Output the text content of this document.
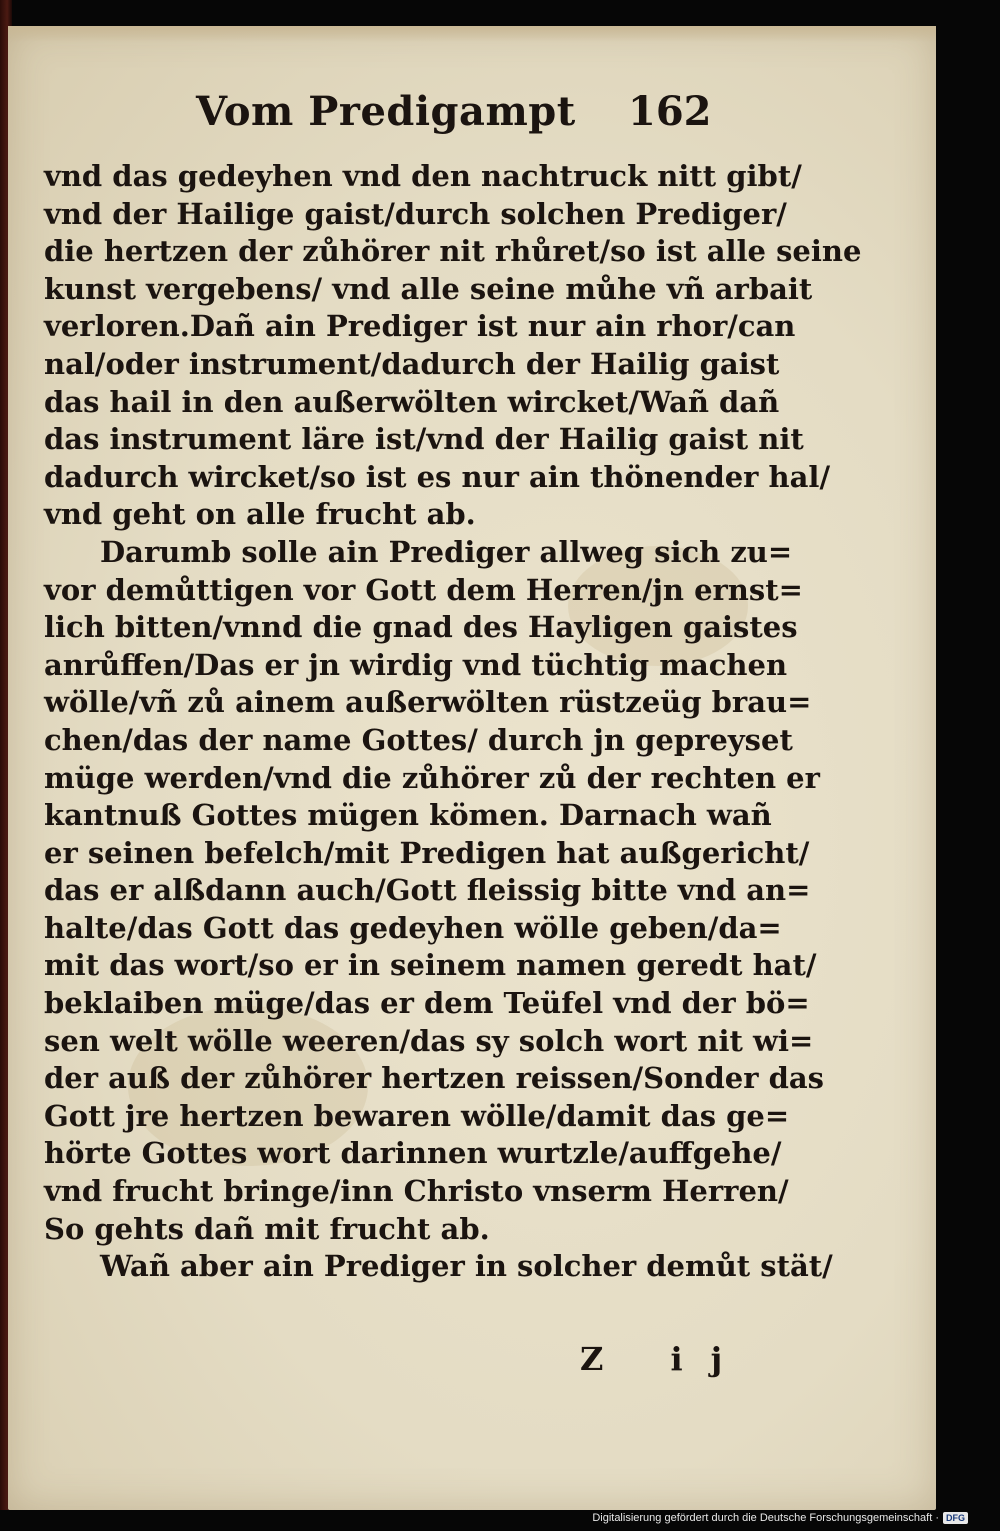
Vom Predigampt 162
vnd das gedeyhen vnd den nachtruck nitt gibt/
vnd der Hailige gaist/durch solchen Prediger/
die hertzen der zůhörer nit rhůret/so ist alle seine
kunst vergebens/ vnd alle seine můhe vñ arbait
verloren.Dañ ain Prediger ist nur ain rhor/can
nal/oder instrument/dadurch der Hailig gaist
das hail in den außerwölten wircket/Wañ dañ
das instrument läre ist/vnd der Hailig gaist nit
dadurch wircket/so ist es nur ain thönender hal/
vnd geht on alle frucht ab.
Darumb solle ain Prediger allweg sich zu=
vor demůttigen vor Gott dem Herren/jn ernst=
lich bitten/vnnd die gnad des Hayligen gaistes
anrůffen/Das er jn wirdig vnd tüchtig machen
wölle/vñ zů ainem außerwölten rüstzeüg brau=
chen/das der name Gottes/ durch jn gepreyset
müge werden/vnd die zůhörer zů der rechten er
kantnuß Gottes mügen kömen. Darnach wañ
er seinen befelch/mit Predigen hat außgericht/
das er alßdann auch/Gott fleissig bitte vnd an=
halte/das Gott das gedeyhen wölle geben/da=
mit das wort/so er in seinem namen geredt hat/
beklaiben müge/das er dem Teüfel vnd der bö=
sen welt wölle weeren/das sy solch wort nit wi=
der auß der zůhörer hertzen reissen/Sonder das
Gott jre hertzen bewaren wölle/damit das ge=
hörte Gottes wort darinnen wurtzle/auffgehe/
vnd frucht bringe/inn Christo vnserm Herren/
So gehts dañ mit frucht ab.
Wañ aber ain Prediger in solcher demůt stät/
Z ij
Digitalisierung gefördert durch die Deutsche Forschungsgemeinschaft · DFG
